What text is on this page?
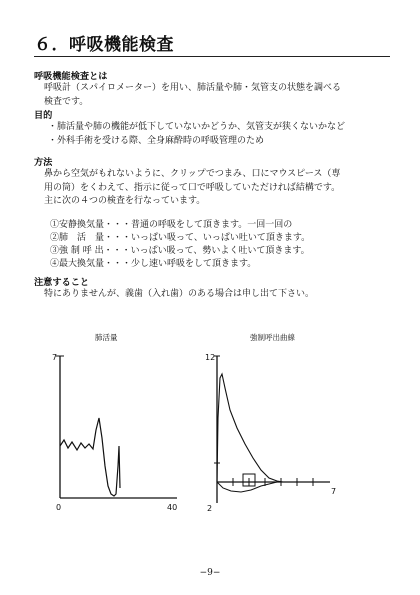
６．呼吸機能検査
呼吸機能検査とは
呼吸計（スパイロメーター）を用い、肺活量や肺・気管支の状態を調べる
検査です。
目的
・肺活量や肺の機能が低下していないかどうか、気管支が狭くないかなど
・外科手術を受ける際、全身麻酔時の呼吸管理のため
方法
鼻から空気がもれないように、クリップでつまみ、口にマウスピース（専
用の筒）をくわえて、指示に従って口で呼吸していただければ結構です。
主に次の４つの検査を行なっています。
①安静換気量・・・普通の呼吸をして頂きます。一回一回の
②肺　活　量・・・いっぱい吸って、いっぱい吐いて頂きます。
③強 制 呼 出・・・いっぱい吸って、勢いよく吐いて頂きます。
④最大換気量・・・少し速い呼吸をして頂きます。
注意すること
特にありませんが、義歯（入れ歯）のある場合は申し出て下さい。
肺活量	強制呼出曲線
7
0	40
12
2
7
−9−
